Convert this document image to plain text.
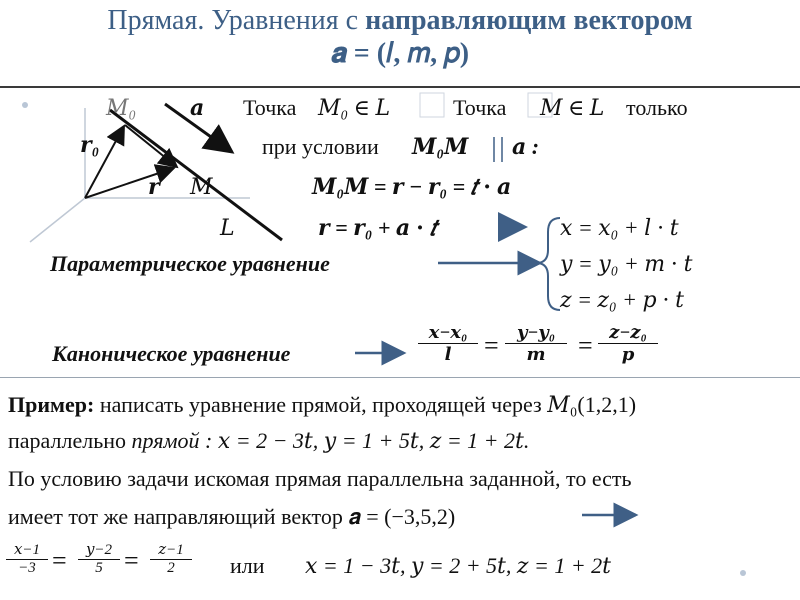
Прямая. Уравнения с направляющим вектором
𝒂 = (𝑙, 𝑚, 𝑝)
𝑀₀ 𝒂
𝒓₀
𝒓 𝑀
𝐿
Точка 𝑀₀ ∈ 𝐿	Точка 𝑀 ∈ 𝐿 только
при условии 𝑴₀𝑴 𝒂 :
𝑴₀𝑴 = 𝒓 − 𝒓₀ = 𝑡 ⋅ 𝒂
𝒓 = 𝒓₀ + 𝒂 ⋅ 𝑡	𝑥 = 𝑥₀ + 𝑙 ⋅ 𝑡
𝑦 = 𝑦₀ + 𝑚 ⋅ 𝑡
𝑧 = 𝑧₀ + 𝑝 ⋅ 𝑡
Параметрическое уравнение
Каноническое уравнение
𝒙−𝒙₀
𝒍	=	𝒚−𝒚₀
𝒎	= 𝒛−𝒛₀
𝒑
Пример: написать уравнение прямой, проходящей через 𝑀₀(1,2,1)
параллельно прямой : 𝑥 = 2 − 3𝑡, 𝑦 = 1 + 5𝑡, 𝑧 = 1 + 2𝑡.
По условию задачи искомая прямая параллельна заданной, то есть
имеет тот же направляющий вектор 𝒂 = (−3,5,2)
𝑥−1
−3 =	𝑦−2
5 =	𝑧−1
2	или 𝑥 = 1 − 3𝑡, 𝑦 = 2 + 5𝑡, 𝑧 = 1 + 2𝑡
